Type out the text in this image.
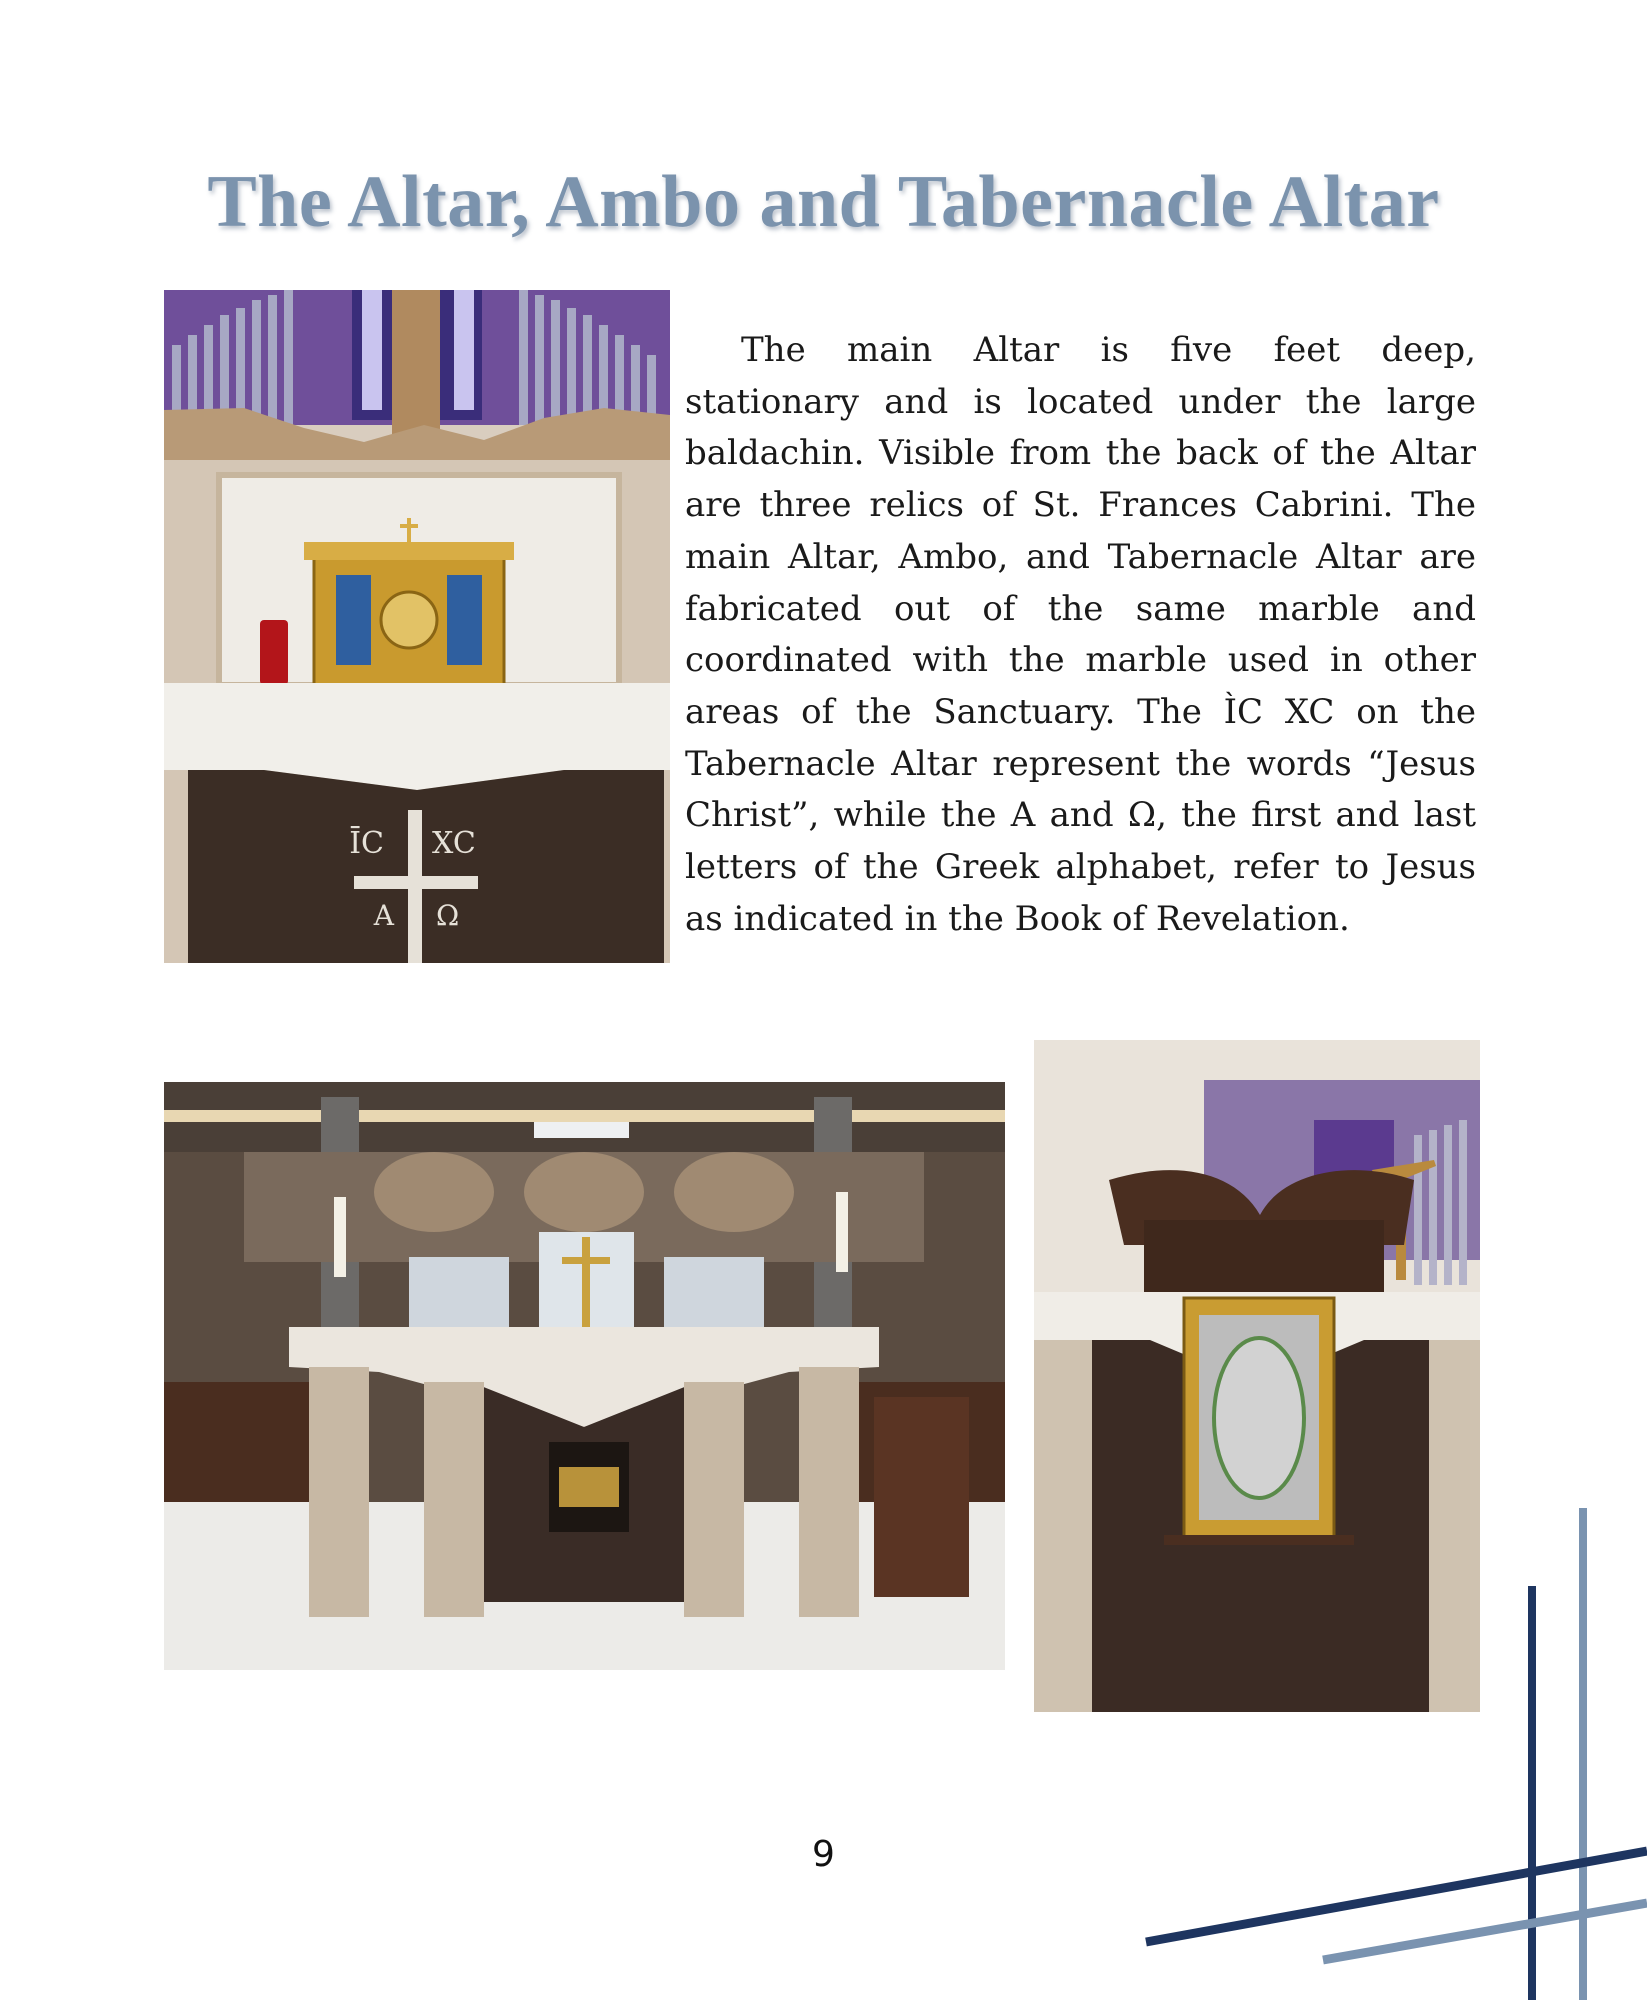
The Altar, Ambo and Tabernacle Altar
ĪC XC
A Ω

The main Altar is five feet deep, stationary and is located under the large baldachin. Visible from the back of the Altar are three relics of St. Frances Cabrini. The main Altar, Ambo, and Tabernacle Altar are fabricated out of the same marble and coordinated with the marble used in other areas of the Sanctuary. The ÌC XC on the Tabernacle Altar represent the words “Jesus Christ”, while the A and Ω, the first and last letters of the Greek alphabet, refer to Jesus as indicated in the Book of Revelation.

9
